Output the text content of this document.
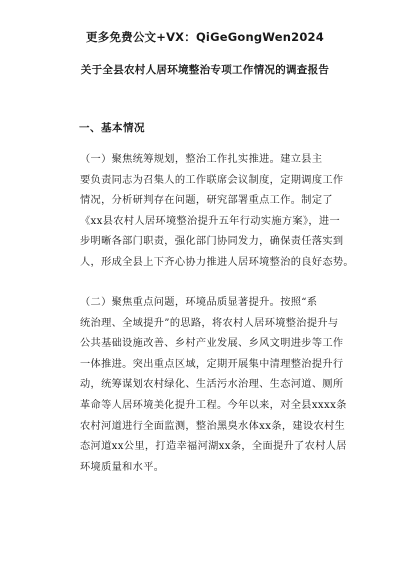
更多免费公文+VX：QiGeGongWen2024
关于全县农村人居环境整治专项工作情况的调查报告
一、基本情况
（一）聚焦统筹规划，整治工作扎实推进。建立县主
要负责同志为召集人的工作联席会议制度，定期调度工作
情况，分析研判存在问题，研究部署重点工作。制定了
《xx县农村人居环境整治提升五年行动实施方案》，进一
步明晰各部门职责，强化部门协同发力，确保责任落实到
人，形成全县上下齐心协力推进人居环境整治的良好态势。
（二）聚焦重点问题，环境品质显著提升。按照“系
统治理、全域提升”的思路，将农村人居环境整治提升与
公共基础设施改善、乡村产业发展、乡风文明进步等工作
一体推进。突出重点区域，定期开展集中清理整治提升行
动，统筹谋划农村绿化、生活污水治理、生态河道、厕所
革命等人居环境美化提升工程。今年以来，对全县xxxx条
农村河道进行全面监测，整治黑臭水体xx条，建设农村生
态河道xx公里，打造幸福河湖xx条，全面提升了农村人居
环境质量和水平。
